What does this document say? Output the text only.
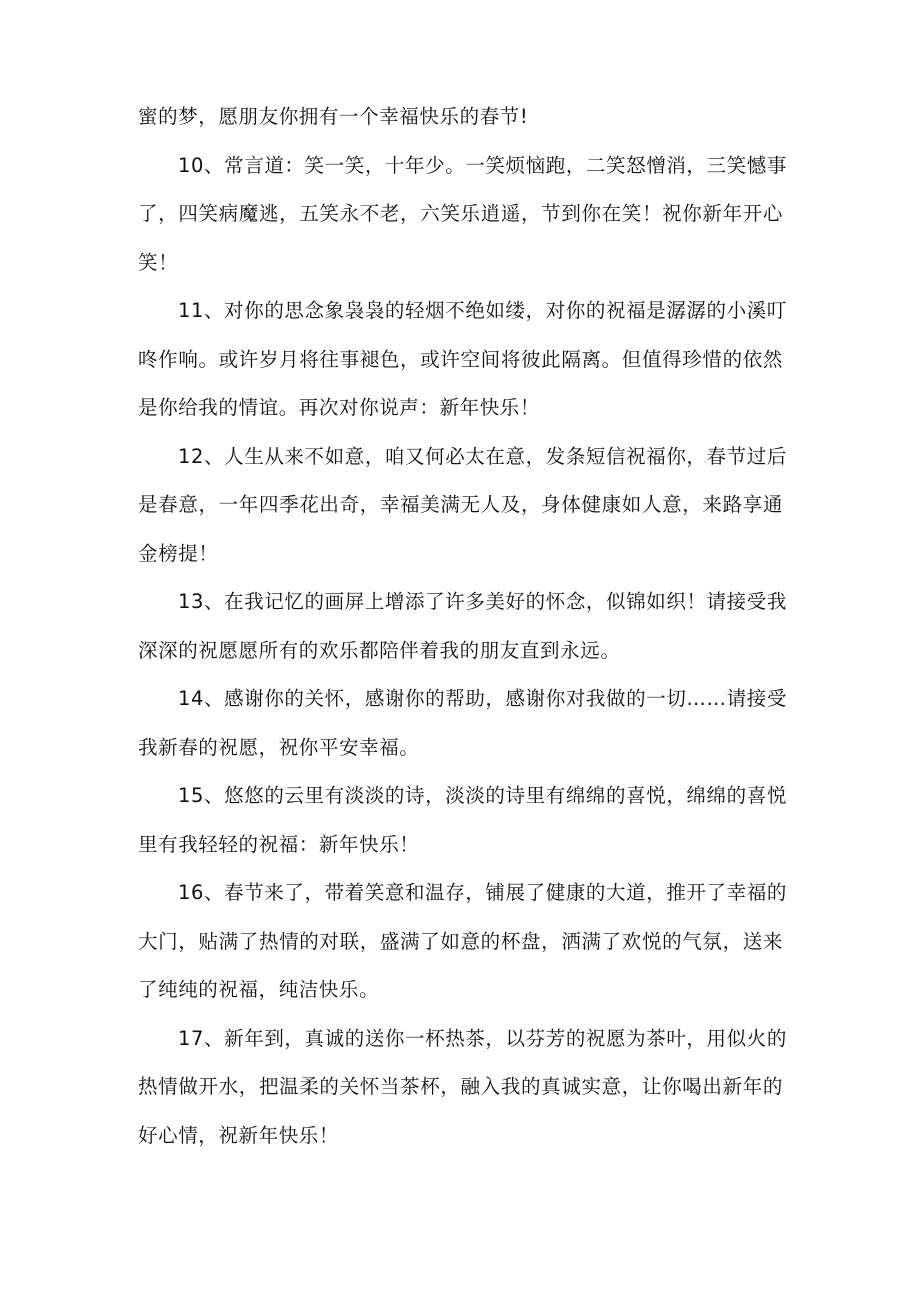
蜜的梦，愿朋友你拥有一个幸福快乐的春节!

10、常言道：笑一笑，十年少。一笑烦恼跑，二笑怒憎消，三笑憾事
了，四笑病魔逃，五笑永不老，六笑乐逍遥，节到你在笑！祝你新年开心
笑！

11、对你的思念象袅袅的轻烟不绝如缕，对你的祝福是潺潺的小溪叮
咚作响。或许岁月将往事褪色，或许空间将彼此隔离。但值得珍惜的依然
是你给我的情谊。再次对你说声：新年快乐！

12、人生从来不如意，咱又何必太在意，发条短信祝福你，春节过后
是春意，一年四季花出奇，幸福美满无人及，身体健康如人意，来路享通
金榜提！

13、在我记忆的画屏上增添了许多美好的怀念，似锦如织！请接受我
深深的祝愿愿所有的欢乐都陪伴着我的朋友直到永远。

14、感谢你的关怀，感谢你的帮助，感谢你对我做的一切……请接受
我新春的祝愿，祝你平安幸福。

15、悠悠的云里有淡淡的诗，淡淡的诗里有绵绵的喜悦，绵绵的喜悦
里有我轻轻的祝福：新年快乐！

16、春节来了，带着笑意和温存，铺展了健康的大道，推开了幸福的
大门，贴满了热情的对联，盛满了如意的杯盘，洒满了欢悦的气氛，送来
了纯纯的祝福，纯洁快乐。

17、新年到，真诚的送你一杯热茶，以芬芳的祝愿为茶叶，用似火的
热情做开水，把温柔的关怀当茶杯，融入我的真诚实意，让你喝出新年的
好心情，祝新年快乐！
